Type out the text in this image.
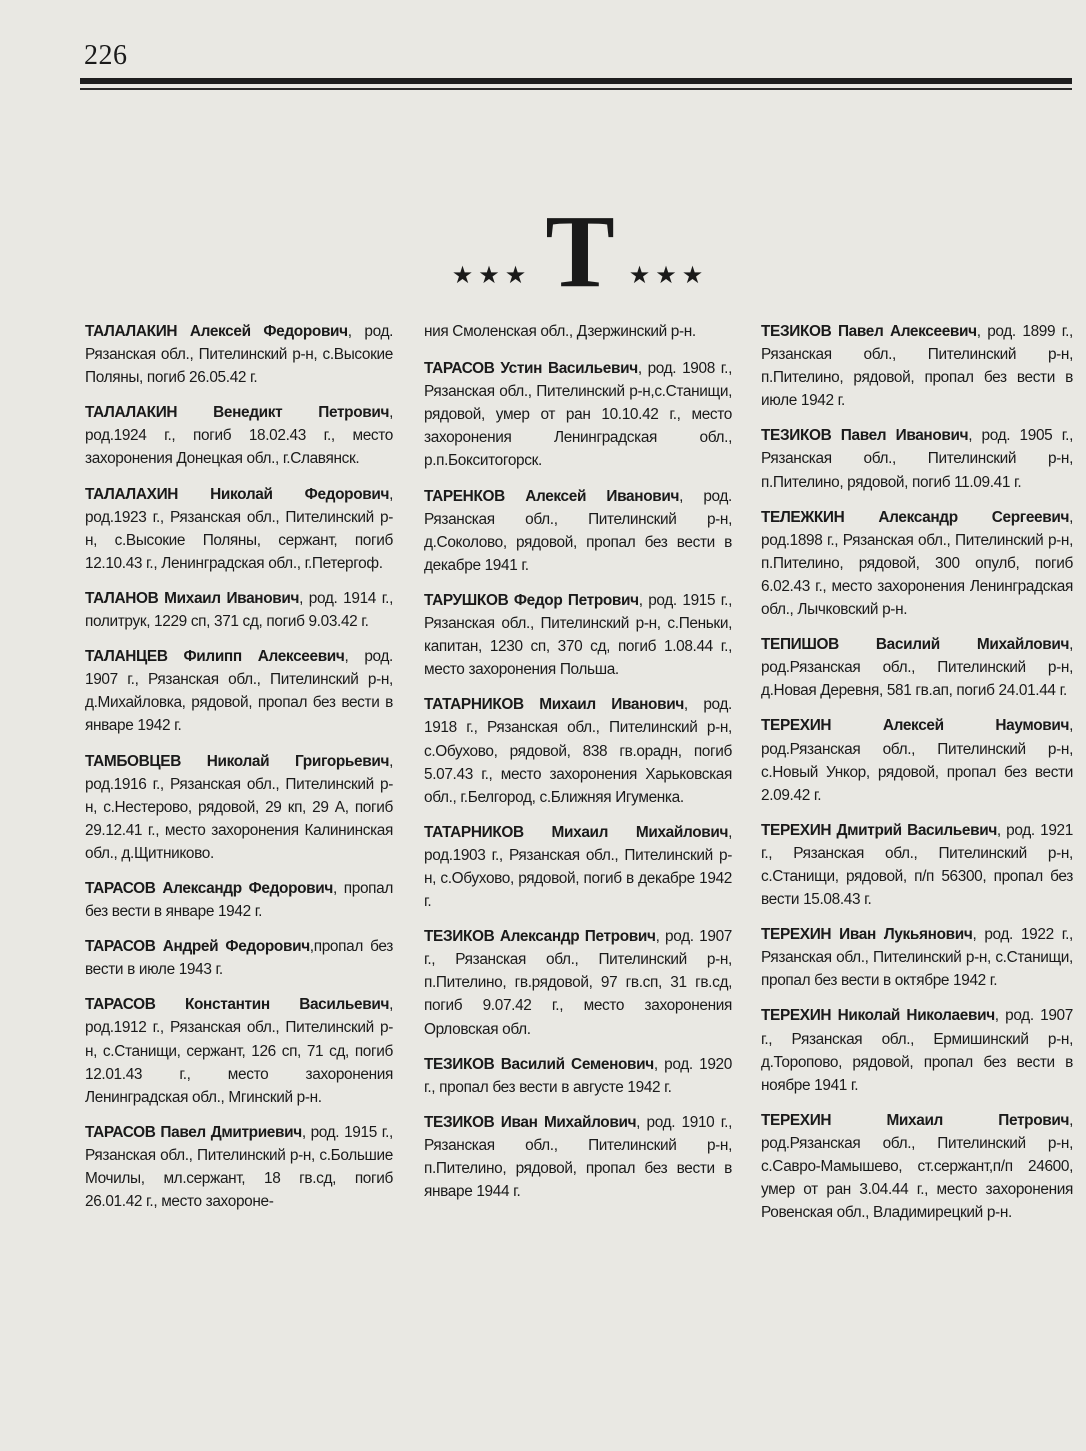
226
★★★ Т ★★★

ТАЛАЛАКИН Алексей Федорович, род. Рязанская обл., Пителинский р-н, с.Высокие Поляны, погиб 26.05.42 г.

ТАЛАЛАКИН Венедикт Петрович, род.1924 г., погиб 18.02.43 г., место захоронения Донецкая обл., г.Славянск.

ТАЛАЛАХИН Николай Федорович, род.1923 г., Рязанская обл., Пителинский р-н, с.Высокие Поляны, сержант, погиб 12.10.43 г., Ленинградская обл., г.Петергоф.

ТАЛАНОВ Михаил Иванович, род. 1914 г., политрук, 1229 сп, 371 сд, погиб 9.03.42 г.

ТАЛАНЦЕВ Филипп Алексеевич, род. 1907 г., Рязанская обл., Пителинский р-н, д.Михайловка, рядовой, пропал без вести в январе 1942 г.

ТАМБОВЦЕВ Николай Григорьевич, род.1916 г., Рязанская обл., Пителинский р-н, с.Нестерово, рядовой, 29 кп, 29 А, погиб 29.12.41 г., место захоронения Калининская обл., д.Щитниково.

ТАРАСОВ Александр Федорович, пропал без вести в январе 1942 г.

ТАРАСОВ Андрей Федорович,пропал без вести в июле 1943 г.

ТАРАСОВ Константин Васильевич, род.1912 г., Рязанская обл., Пителинский р-н, с.Станищи, сержант, 126 сп, 71 сд, погиб 12.01.43 г., место захоронения Ленинградская обл., Мгинский р-н.

ТАРАСОВ Павел Дмитриевич, род. 1915 г., Рязанская обл., Пителинский р-н, с.Большие Мочилы, мл.сержант, 18 гв.сд, погиб 26.01.42 г., место захороне-

ния Смоленская обл., Дзержинский р-н.

ТАРАСОВ Устин Васильевич, род. 1908 г., Рязанская обл., Пителинский р-н,с.Станищи, рядовой, умер от ран 10.10.42 г., место захоронения Ленинградская обл., р.п.Бокситогорск.

ТАРЕНКОВ Алексей Иванович, род. Рязанская обл., Пителинский р-н, д.Соколово, рядовой, пропал без вести в декабре 1941 г.

ТАРУШКОВ Федор Петрович, род. 1915 г., Рязанская обл., Пителинский р-н, с.Пеньки, капитан, 1230 сп, 370 сд, погиб 1.08.44 г., место захоронения Польша.

ТАТАРНИКОВ Михаил Иванович, род. 1918 г., Рязанская обл., Пителинский р-н, с.Обухово, рядовой, 838 гв.орадн, погиб 5.07.43 г., место захоронения Харьковская обл., г.Белгород, с.Ближняя Игуменка.

ТАТАРНИКОВ Михаил Михайлович, род.1903 г., Рязанская обл., Пителинский р-н, с.Обухово, рядовой, погиб в декабре 1942 г.

ТЕЗИКОВ Александр Петрович, род. 1907 г., Рязанская обл., Пителинский р-н, п.Пителино, гв.рядовой, 97 гв.сп, 31 гв.сд, погиб 9.07.42 г., место захоронения Орловская обл.

ТЕЗИКОВ Василий Семенович, род. 1920 г., пропал без вести в августе 1942 г.

ТЕЗИКОВ Иван Михайлович, род. 1910 г., Рязанская обл., Пителинский р-н, п.Пителино, рядовой, пропал без вести в январе 1944 г.

ТЕЗИКОВ Павел Алексеевич, род. 1899 г., Рязанская обл., Пителинский р-н, п.Пителино, рядовой, пропал без вести в июле 1942 г.

ТЕЗИКОВ Павел Иванович, род. 1905 г., Рязанская обл., Пителинский р-н, п.Пителино, рядовой, погиб 11.09.41 г.

ТЕЛЕЖКИН Александр Сергеевич, род.1898 г., Рязанская обл., Пителинский р-н, п.Пителино, рядовой, 300 опулб, погиб 6.02.43 г., место захоронения Ленинградская обл., Лычковский р-н.

ТЕПИШОВ Василий Михайлович, род.Рязанская обл., Пителинский р-н, д.Новая Деревня, 581 гв.ап, погиб 24.01.44 г.

ТЕРЕХИН Алексей Наумович, род.Рязанская обл., Пителинский р-н, с.Новый Ункор, рядовой, пропал без вести 2.09.42 г.

ТЕРЕХИН Дмитрий Васильевич, род. 1921 г., Рязанская обл., Пителинский р-н, с.Станищи, рядовой, п/п 56300, пропал без вести 15.08.43 г.

ТЕРЕХИН Иван Лукьянович, род. 1922 г., Рязанская обл., Пителинский р-н, с.Станищи, пропал без вести в октябре 1942 г.

ТЕРЕХИН Николай Николаевич, род. 1907 г., Рязанская обл., Ермишинский р-н, д.Торопово, рядовой, пропал без вести в ноябре 1941 г.

ТЕРЕХИН Михаил Петрович, род.Рязанская обл., Пителинский р-н, с.Савро-Мамышево, ст.сержант,п/п 24600, умер от ран 3.04.44 г., место захоронения Ровенская обл., Владимирецкий р-н.
